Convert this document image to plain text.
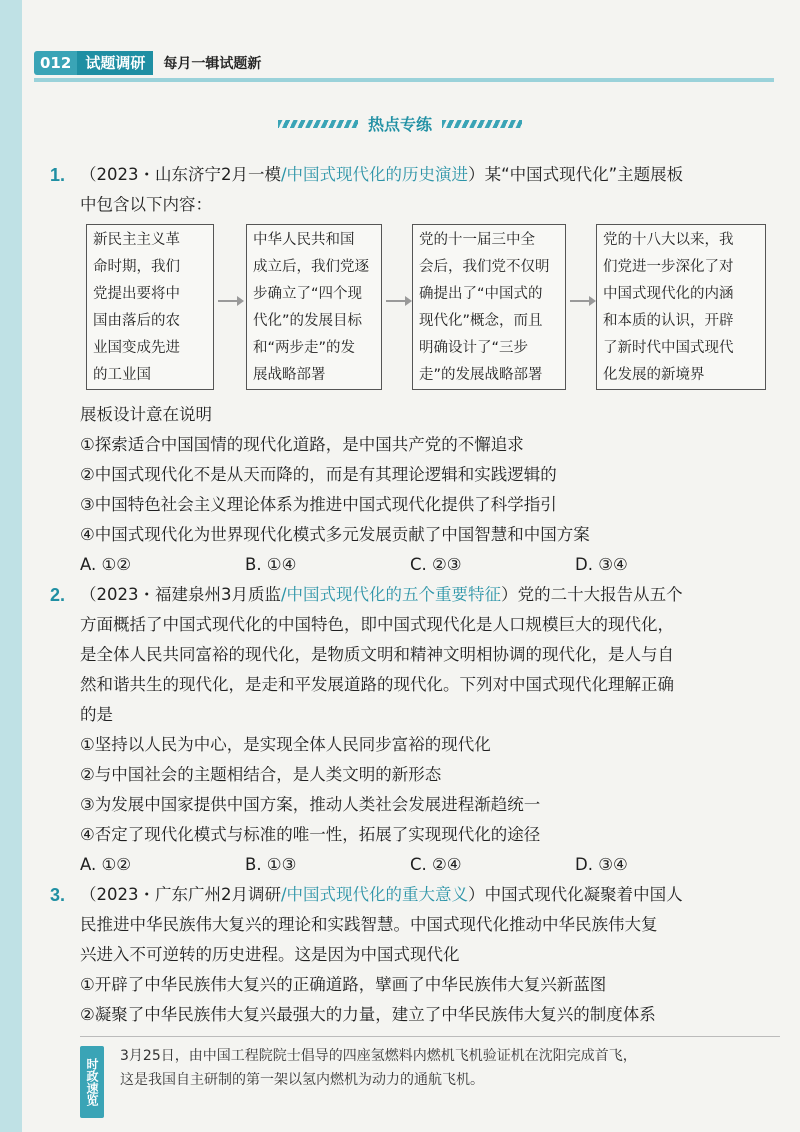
012 试题调研	每月一辑试题新
热点专练
1. （2023・山东济宁2月一模/中国式现代化的历史演进）某“中国式现代化”主题展板
中包含以下内容：
新民主主义革
命时期，我们
党提出要将中
国由落后的农
业国变成先进
的工业国
中华人民共和国
成立后，我们党逐
步确立了“四个现
代化”的发展目标
和“两步走”的发
展战略部署
党的十一届三中全
会后，我们党不仅明
确提出了“中国式的
现代化”概念，而且
明确设计了“三步
走”的发展战略部署
党的十八大以来，我
们党进一步深化了对
中国式现代化的内涵
和本质的认识，开辟
了新时代中国式现代
化发展的新境界
展板设计意在说明
①探索适合中国国情的现代化道路，是中国共产党的不懈追求
②中国式现代化不是从天而降的，而是有其理论逻辑和实践逻辑的
③中国特色社会主义理论体系为推进中国式现代化提供了科学指引
④中国式现代化为世界现代化模式多元发展贡献了中国智慧和中国方案
A. ①②	B. ①④	C. ②③	D. ③④
2. （2023・福建泉州3月质监/中国式现代化的五个重要特征）党的二十大报告从五个
方面概括了中国式现代化的中国特色，即中国式现代化是人口规模巨大的现代化，
是全体人民共同富裕的现代化，是物质文明和精神文明相协调的现代化，是人与自
然和谐共生的现代化，是走和平发展道路的现代化。下列对中国式现代化理解正确
的是
①坚持以人民为中心，是实现全体人民同步富裕的现代化
②与中国社会的主题相结合，是人类文明的新形态
③为发展中国家提供中国方案，推动人类社会发展进程渐趋统一
④否定了现代化模式与标准的唯一性，拓展了实现现代化的途径
A. ①②	B. ①③	C. ②④	D. ③④
3. （2023・广东广州2月调研/中国式现代化的重大意义）中国式现代化凝聚着中国人
民推进中华民族伟大复兴的理论和实践智慧。中国式现代化推动中华民族伟大复
兴进入不可逆转的历史进程。这是因为中国式现代化
①开辟了中华民族伟大复兴的正确道路，擘画了中华民族伟大复兴新蓝图
②凝聚了中华民族伟大复兴最强大的力量，建立了中华民族伟大复兴的制度体系
时政速览
3月25日，由中国工程院院士倡导的四座氢燃料内燃机飞机验证机在沈阳完成首飞，
这是我国自主研制的第一架以氢内燃机为动力的通航飞机。
